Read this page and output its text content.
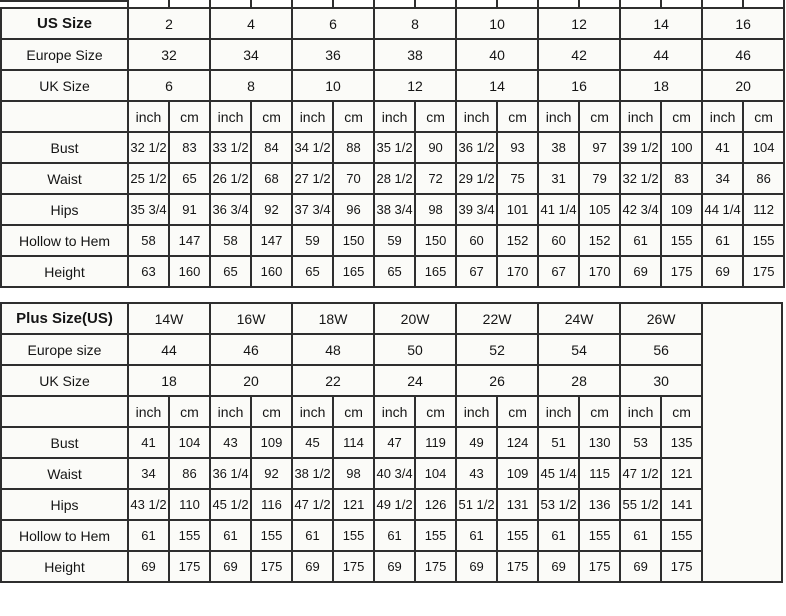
US Size	2		4		6		8		10		12		14		16	
Europe Size	32		34		36		38		40		42		44		46	
UK Size	6		8		10		12		14		16		18		20	
	inch	cm	inch	cm	inch	cm	inch	cm	inch	cm	inch	cm	inch	cm	inch	cm
Bust	32 1/2	83	33 1/2	84	34 1/2	88	35 1/2	90	36 1/2	93	38	97	39 1/2	100	41	104
Waist	25 1/2	65	26 1/2	68	27 1/2	70	28 1/2	72	29 1/2	75	31	79	32 1/2	83	34	86
Hips	35 3/4	91	36 3/4	92	37 3/4	96	38 3/4	98	39 3/4	101	41 1/4	105	42 3/4	109	44 1/4	112
Hollow to Hem	58	147	58	147	59	150	59	150	60	152	60	152	61	155	61	155
Height	63	160	65	160	65	165	65	165	67	170	67	170	69	175	69	175
Plus Size(US)	14W		16W		18W		20W		22W		24W		26W		
Europe size	44		46		48		50		52		54		56		
UK Size	18		20		22		24		26		28		30		
	inch	cm	inch	cm	inch	cm	inch	cm	inch	cm	inch	cm	inch	cm	
Bust	41	104	43	109	45	114	47	119	49	124	51	130	53	135	
Waist	34	86	36 1/4	92	38 1/2	98	40 3/4	104	43	109	45 1/4	115	47 1/2	121	
Hips	43 1/2	110	45 1/2	116	47 1/2	121	49 1/2	126	51 1/2	131	53 1/2	136	55 1/2	141	
Hollow to Hem	61	155	61	155	61	155	61	155	61	155	61	155	61	155	
Height	69	175	69	175	69	175	69	175	69	175	69	175	69	175	
